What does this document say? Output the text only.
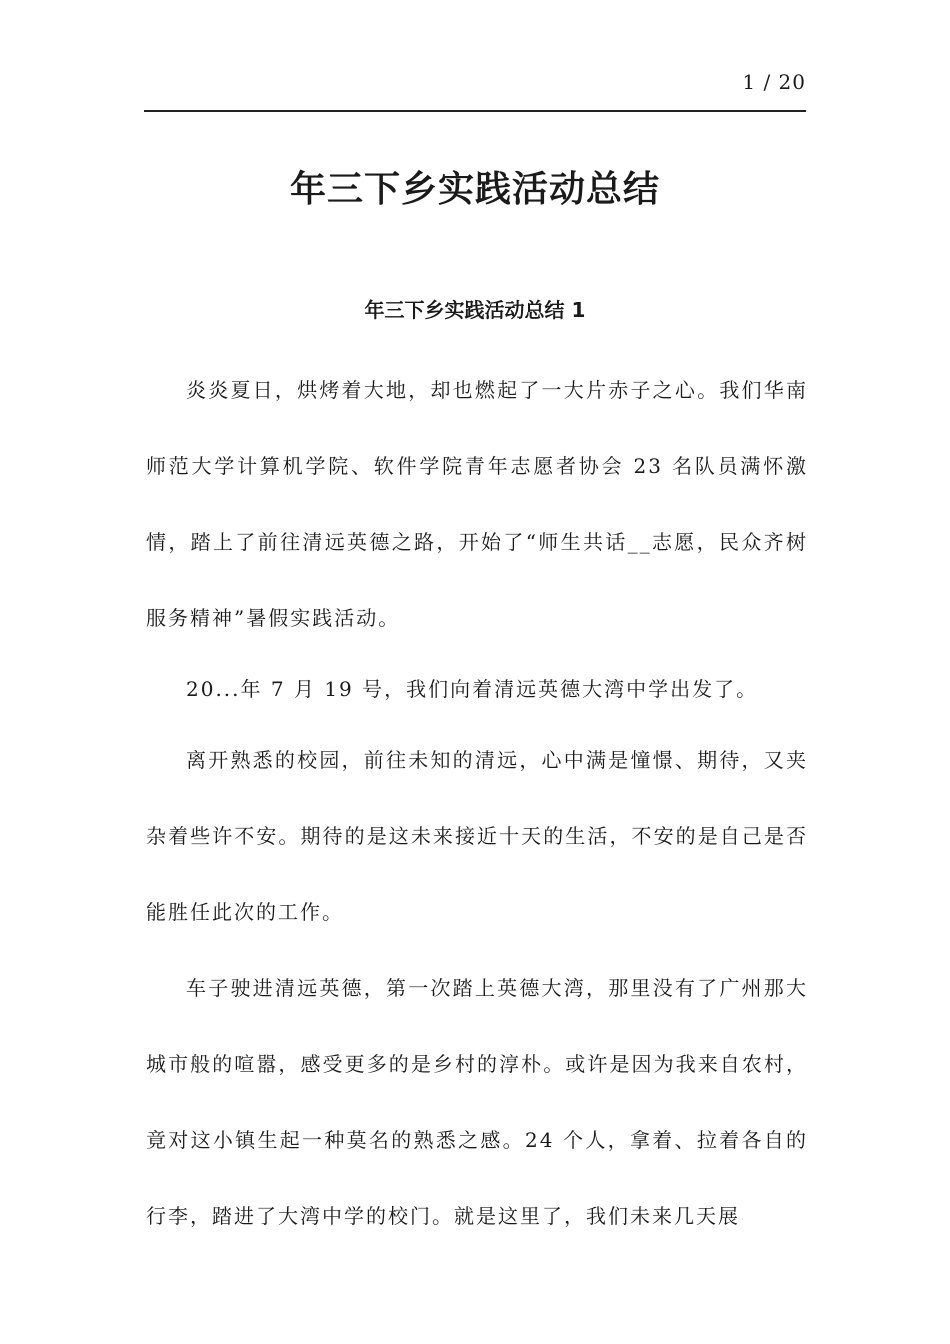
1 / 20
年三下乡实践活动总结
年三下乡实践活动总结 1

炎炎夏日，烘烤着大地，却也燃起了一大片赤子之心。我们华南师范大学计算机学院、软件学院青年志愿者协会 23 名队员满怀激情，踏上了前往清远英德之路，开始了“师生共话__志愿，民众齐树服务精神”暑假实践活动。

20...年 7 月 19 号，我们向着清远英德大湾中学出发了。

离开熟悉的校园，前往未知的清远，心中满是憧憬、期待，又夹杂着些许不安。期待的是这未来接近十天的生活，不安的是自己是否能胜任此次的工作。

车子驶进清远英德，第一次踏上英德大湾，那里没有了广州那大城市般的喧嚣，感受更多的是乡村的淳朴。或许是因为我来自农村，竟对这小镇生起一种莫名的熟悉之感。24 个人，拿着、拉着各自的行李，踏进了大湾中学的校门。就是这里了，我们未来几天展
